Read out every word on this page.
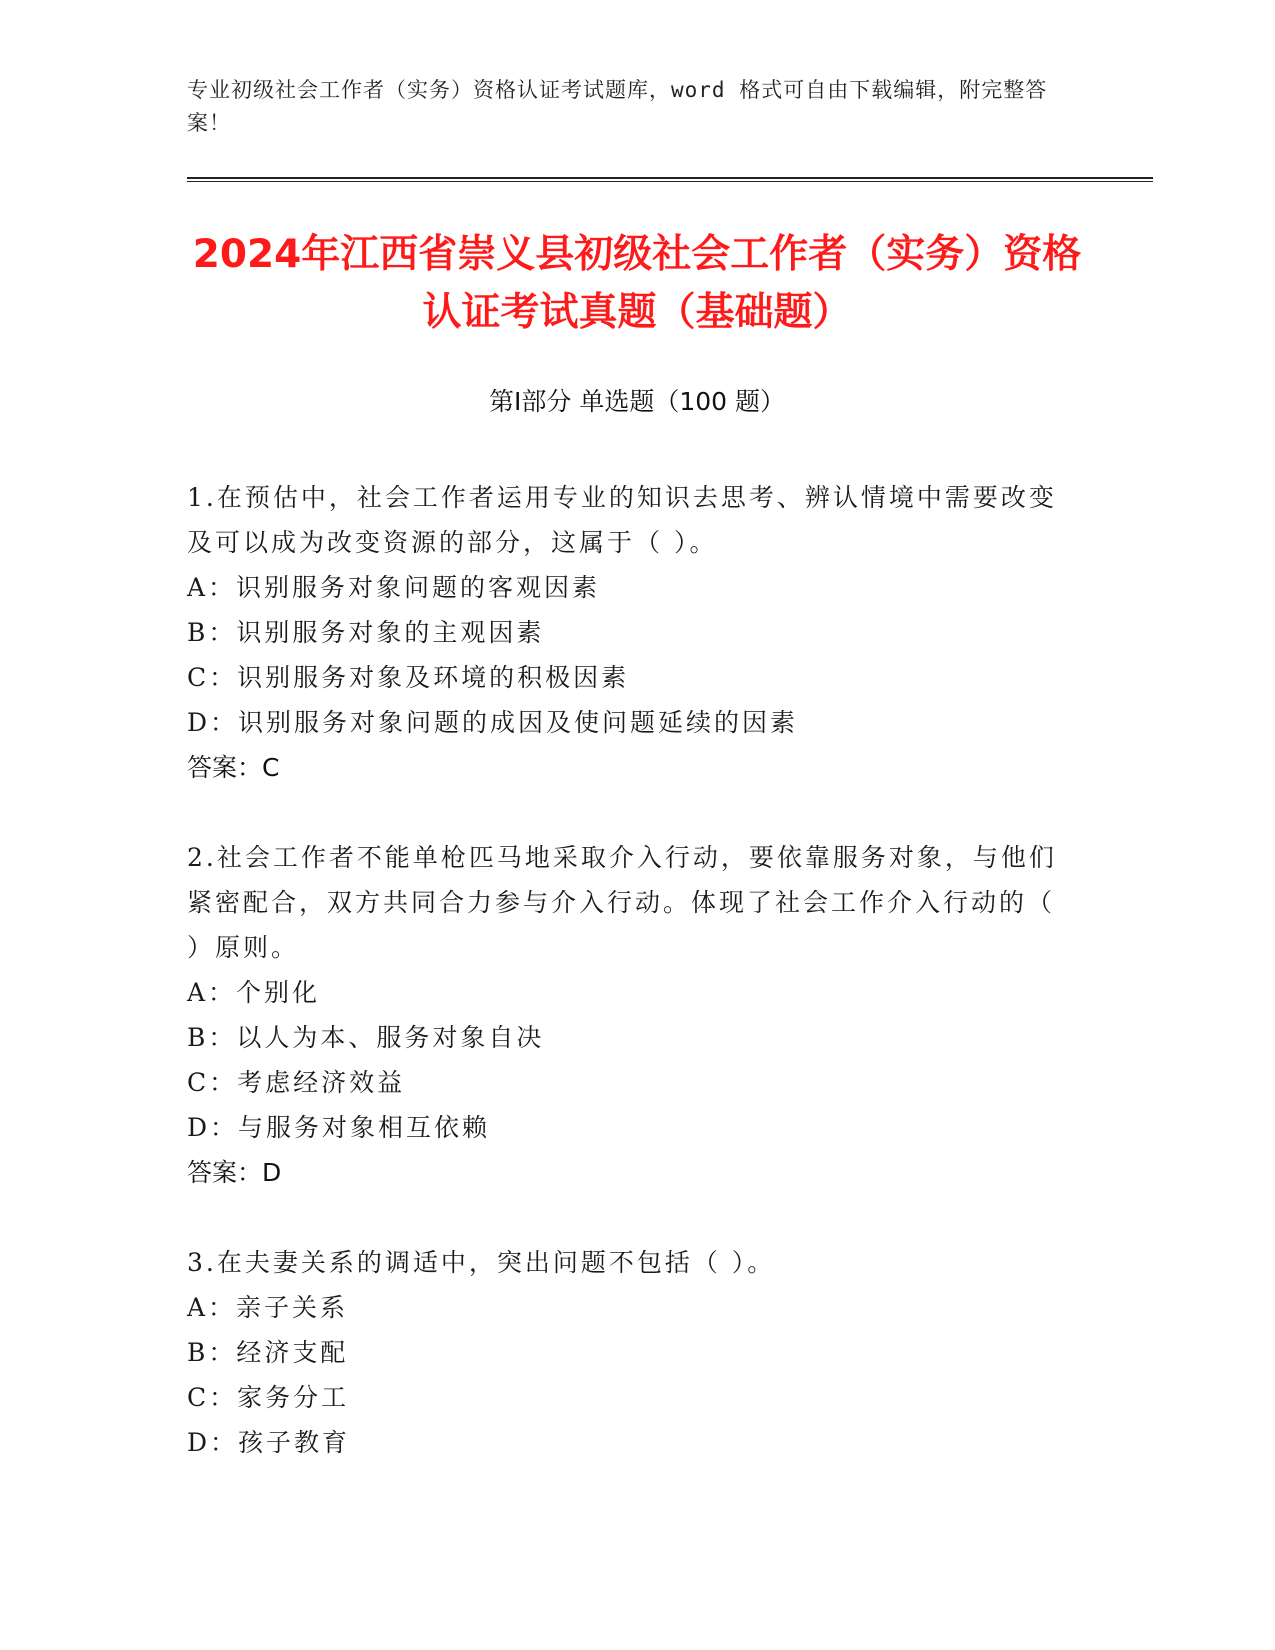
专业初级社会工作者（实务）资格认证考试题库，word 格式可自由下载编辑，附完整答案！
2024年江西省崇义县初级社会工作者（实务）资格认证考试真题（基础题）
第Ⅰ部分 单选题（100 题）

1.在预估中，社会工作者运用专业的知识去思考、辨认情境中需要改变及可以成为改变资源的部分，这属于（ ）。

A：识别服务对象问题的客观因素

B：识别服务对象的主观因素

C：识别服务对象及环境的积极因素

D：识别服务对象问题的成因及使问题延续的因素

答案：C

2.社会工作者不能单枪匹马地采取介入行动，要依靠服务对象，与他们紧密配合，双方共同合力参与介入行动。体现了社会工作介入行动的（ ）原则。

A：个别化

B：以人为本、服务对象自决

C：考虑经济效益

D：与服务对象相互依赖

答案：D

3.在夫妻关系的调适中，突出问题不包括（ ）。

A：亲子关系

B：经济支配

C：家务分工

D：孩子教育
